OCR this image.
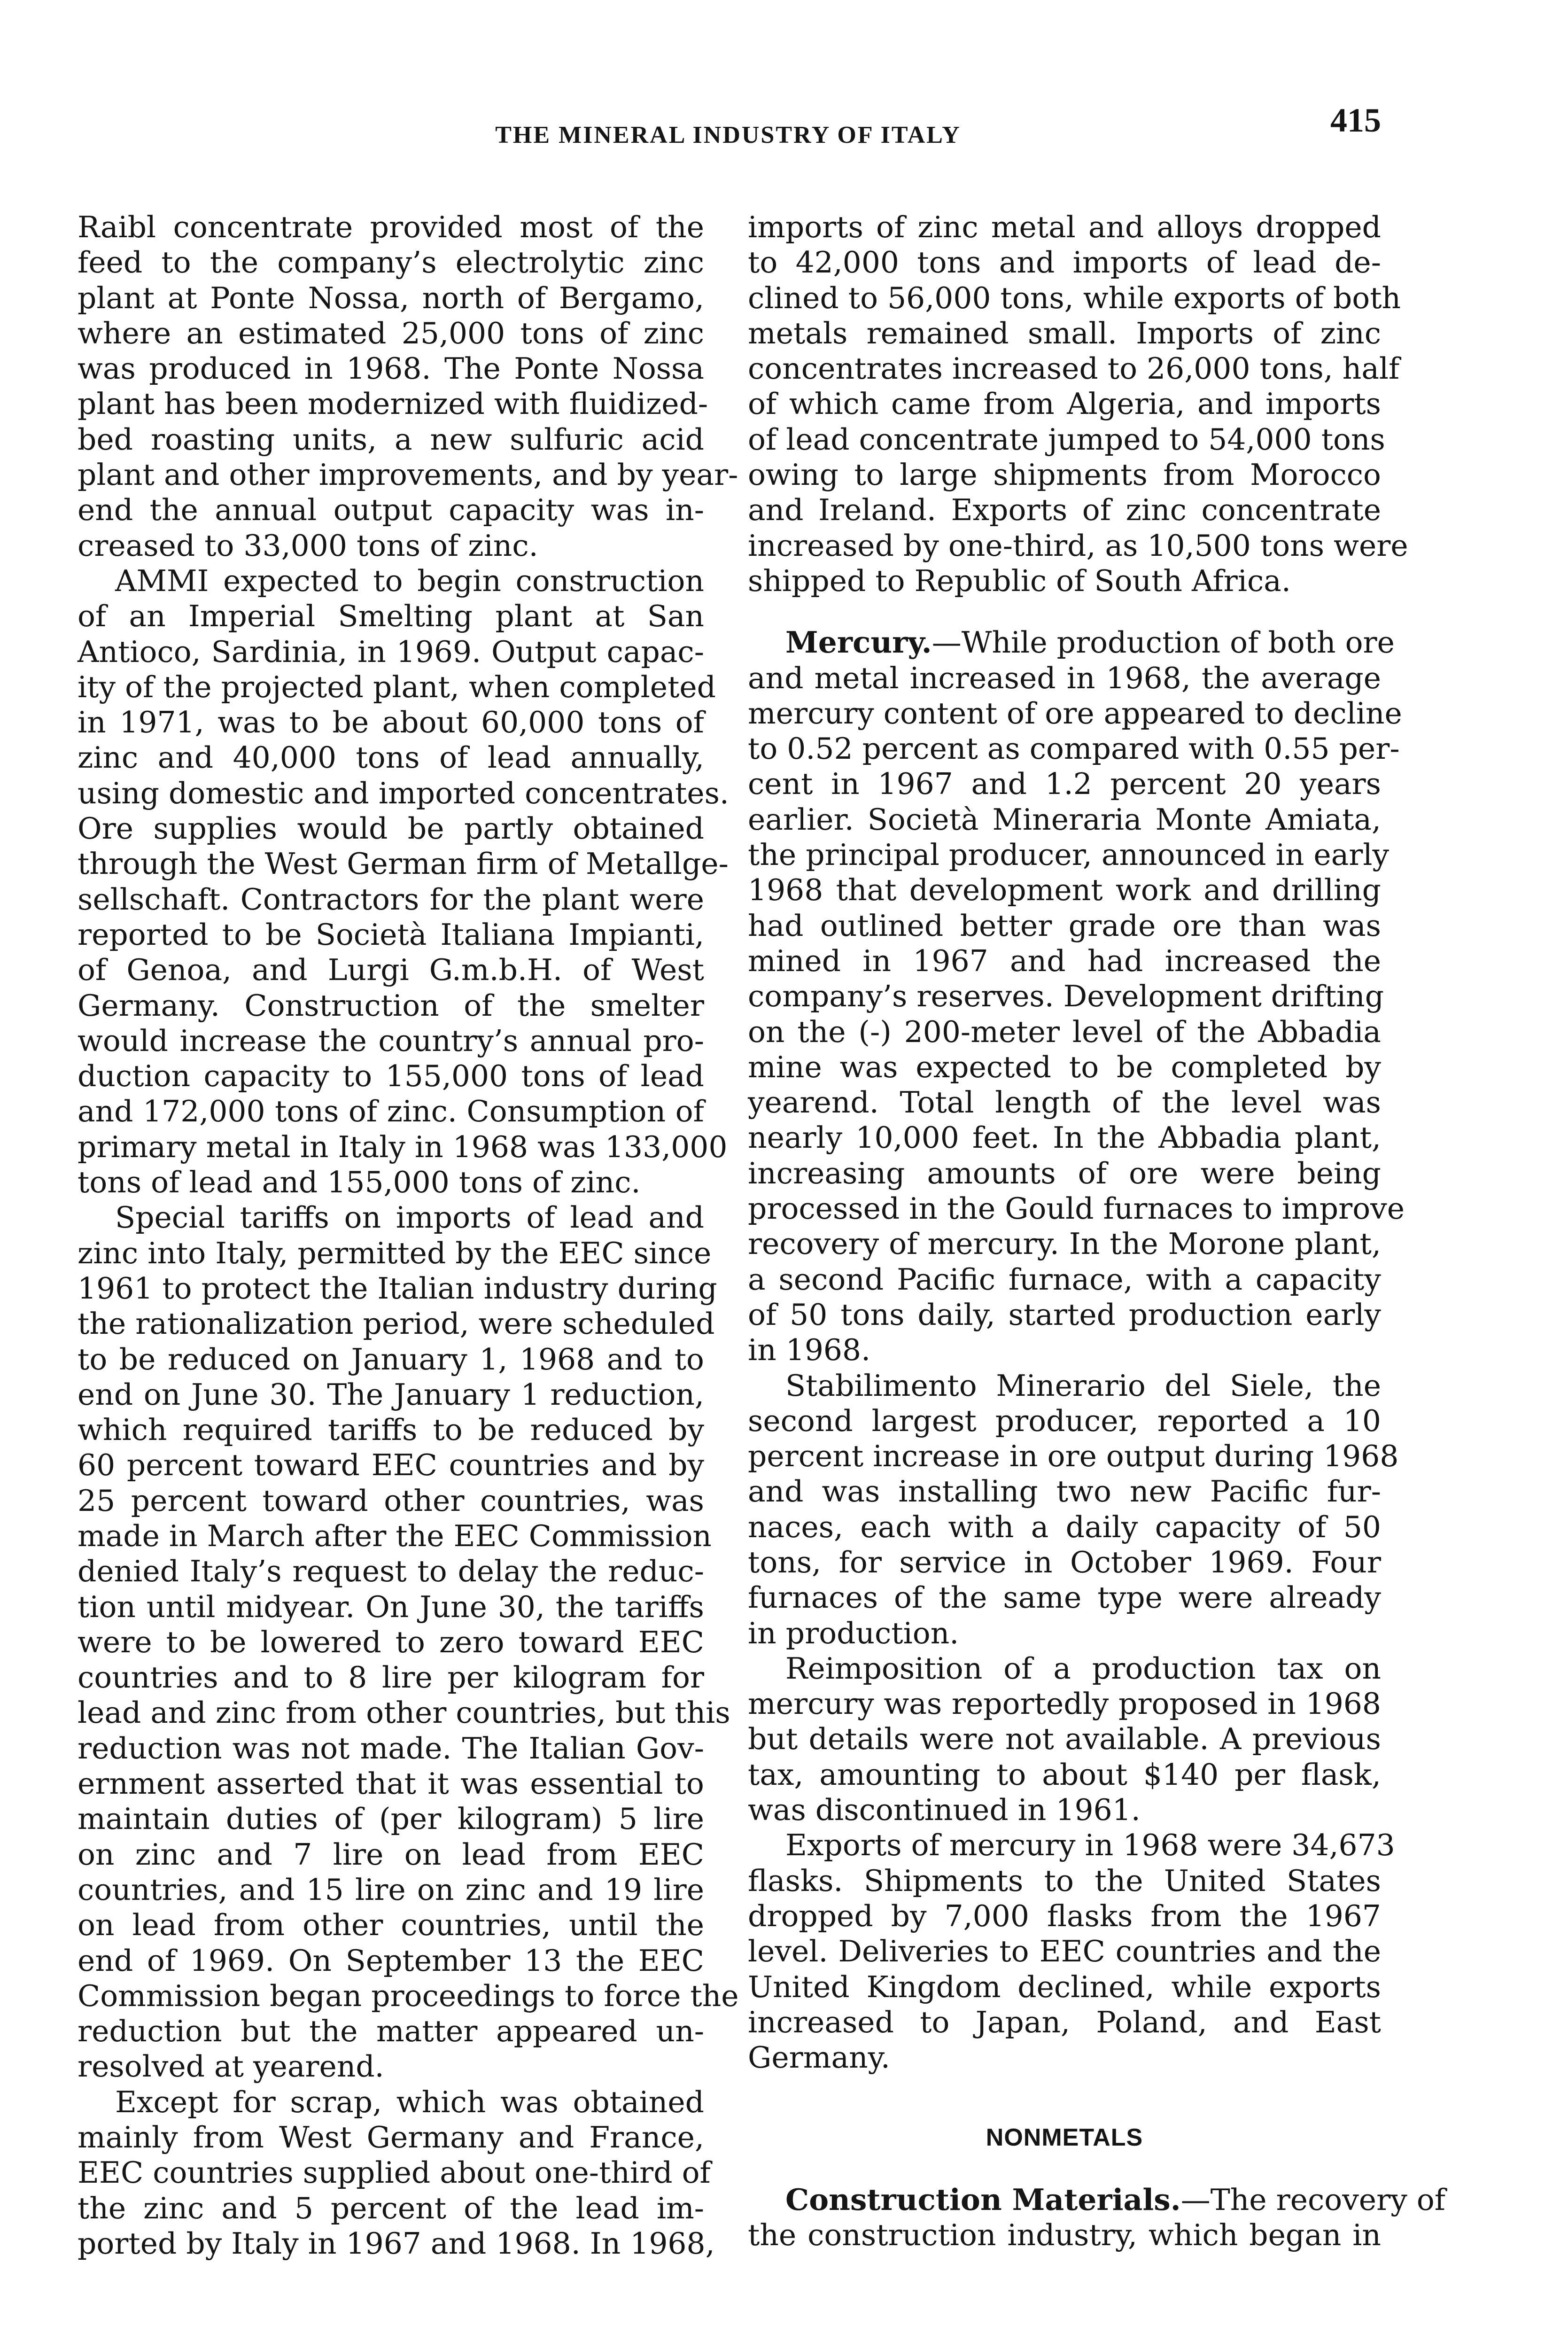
THE MINERAL INDUSTRY OF ITALY	415
Raibl concentrate provided most of the
feed to the company’s electrolytic zinc
plant at Ponte Nossa, north of Bergamo,
where an estimated 25,000 tons of zinc
was produced in 1968. The Ponte Nossa
plant has been modernized with fluidized-
bed roasting units, a new sulfuric acid
plant and other improvements, and by year-
end the annual output capacity was in-
creased to 33,000 tons of zinc.
AMMI expected to begin construction
of an Imperial Smelting plant at San
Antioco, Sardinia, in 1969. Output capac-
ity of the projected plant, when completed
in 1971, was to be about 60,000 tons of
zinc and 40,000 tons of lead annually,
using domestic and imported concentrates.
Ore supplies would be partly obtained
through the West German firm of Metallge-
sellschaft. Contractors for the plant were
reported to be Società Italiana Impianti,
of Genoa, and Lurgi G.m.b.H. of West
Germany. Construction of the smelter
would increase the country’s annual pro-
duction capacity to 155,000 tons of lead
and 172,000 tons of zinc. Consumption of
primary metal in Italy in 1968 was 133,000
tons of lead and 155,000 tons of zinc.
Special tariffs on imports of lead and
zinc into Italy, permitted by the EEC since
1961 to protect the Italian industry during
the rationalization period, were scheduled
to be reduced on January 1, 1968 and to
end on June 30. The January 1 reduction,
which required tariffs to be reduced by
60 percent toward EEC countries and by
25 percent toward other countries, was
made in March after the EEC Commission
denied Italy’s request to delay the reduc-
tion until midyear. On June 30, the tariffs
were to be lowered to zero toward EEC
countries and to 8 lire per kilogram for
lead and zinc from other countries, but this
reduction was not made. The Italian Gov-
ernment asserted that it was essential to
maintain duties of (per kilogram) 5 lire
on zinc and 7 lire on lead from EEC
countries, and 15 lire on zinc and 19 lire
on lead from other countries, until the
end of 1969. On September 13 the EEC
Commission began proceedings to force the
reduction but the matter appeared un-
resolved at yearend.
Except for scrap, which was obtained
mainly from West Germany and France,
EEC countries supplied about one-third of
the zinc and 5 percent of the lead im-
ported by Italy in 1967 and 1968. In 1968,
imports of zinc metal and alloys dropped
to 42,000 tons and imports of lead de-
clined to 56,000 tons, while exports of both
metals remained small. Imports of zinc
concentrates increased to 26,000 tons, half
of which came from Algeria, and imports
of lead concentrate jumped to 54,000 tons
owing to large shipments from Morocco
and Ireland. Exports of zinc concentrate
increased by one-third, as 10,500 tons were
shipped to Republic of South Africa.
Mercury.—While production of both ore
and metal increased in 1968, the average
mercury content of ore appeared to decline
to 0.52 percent as compared with 0.55 per-
cent in 1967 and 1.2 percent 20 years
earlier. Società Mineraria Monte Amiata,
the principal producer, announced in early
1968 that development work and drilling
had outlined better grade ore than was
mined in 1967 and had increased the
company’s reserves. Development drifting
on the (-) 200-meter level of the Abbadia
mine was expected to be completed by
yearend. Total length of the level was
nearly 10,000 feet. In the Abbadia plant,
increasing amounts of ore were being
processed in the Gould furnaces to improve
recovery of mercury. In the Morone plant,
a second Pacific furnace, with a capacity
of 50 tons daily, started production early
in 1968.
Stabilimento Minerario del Siele, the
second largest producer, reported a 10
percent increase in ore output during 1968
and was installing two new Pacific fur-
naces, each with a daily capacity of 50
tons, for service in October 1969. Four
furnaces of the same type were already
in production.
Reimposition of a production tax on
mercury was reportedly proposed in 1968
but details were not available. A previous
tax, amounting to about $140 per flask,
was discontinued in 1961.
Exports of mercury in 1968 were 34,673
flasks. Shipments to the United States
dropped by 7,000 flasks from the 1967
level. Deliveries to EEC countries and the
United Kingdom declined, while exports
increased to Japan, Poland, and East
Germany.
NONMETALS
Construction Materials.—The recovery of
the construction industry, which began in
